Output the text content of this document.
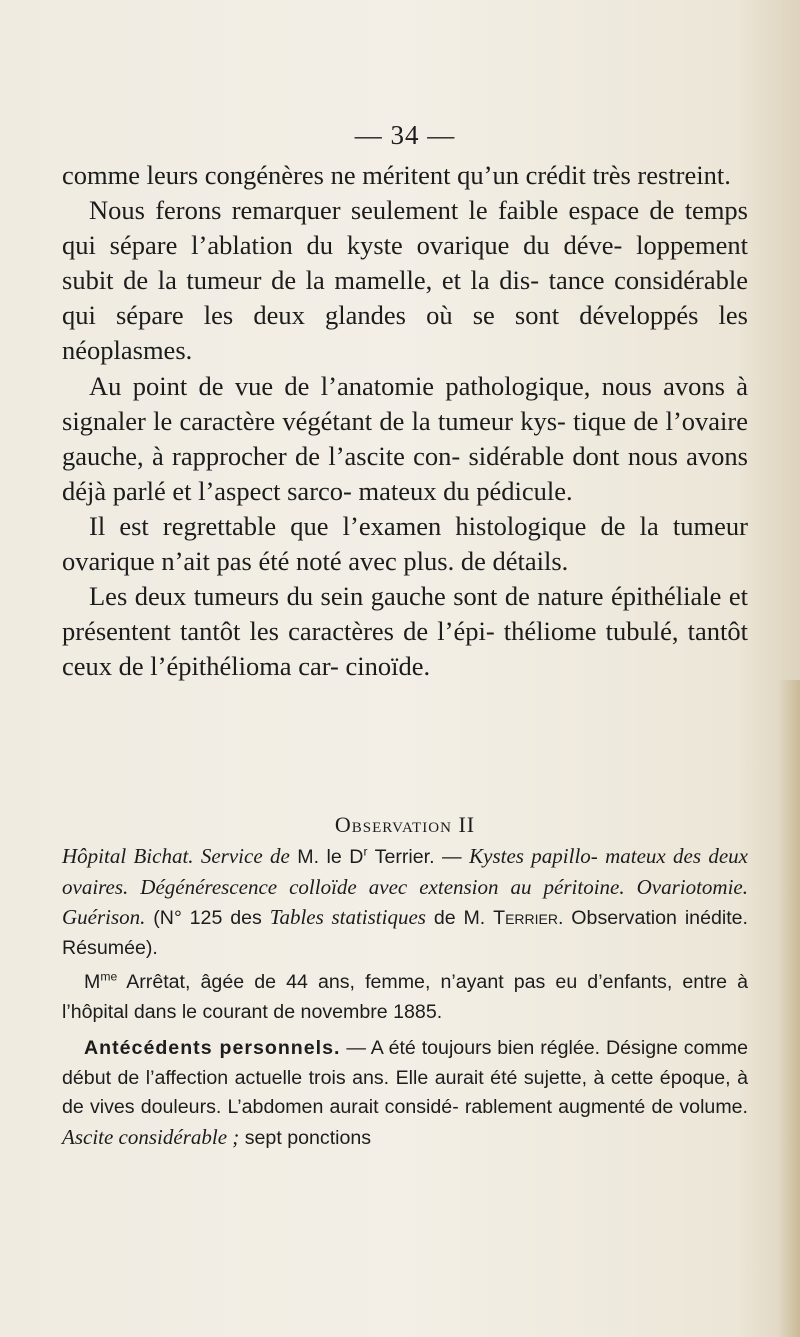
— 34 —

comme leurs congénères ne méritent qu’un crédit très restreint.

Nous ferons remarquer seulement le faible espace de temps qui sépare l’ablation du kyste ovarique du déve- loppement subit de la tumeur de la mamelle, et la dis- tance considérable qui sépare les deux glandes où se sont développés les néoplasmes.

Au point de vue de l’anatomie pathologique, nous avons à signaler le caractère végétant de la tumeur kys- tique de l’ovaire gauche, à rapprocher de l’ascite con- sidérable dont nous avons déjà parlé et l’aspect sarco- mateux du pédicule.

Il est regrettable que l’examen histologique de la tumeur ovarique n’ait pas été noté avec plus. de détails.

Les deux tumeurs du sein gauche sont de nature épithéliale et présentent tantôt les caractères de l’épi- théliome tubulé, tantôt ceux de l’épithélioma car- cinoïde.

Observation II

Hôpital Bichat. Service de M. le $D^r$ Terrier. — Kystes papillo- mateux des deux ovaires. Dégénérescence colloïde avec extension au péritoine. Ovariotomie. Guérison. (N° 125 des Tables statistiques de M. Terrier. Observation inédite. Résumée).

$M^{me}$ Arrêtat, âgée de 44 ans, femme, n’ayant pas eu d’enfants, entre à l’hôpital dans le courant de novembre 1885.

Antécédents personnels. — A été toujours bien réglée. Désigne comme début de l’affection actuelle trois ans. Elle aurait été sujette, à cette époque, à de vives douleurs. L’abdomen aurait considé- rablement augmenté de volume. Ascite considérable ; sept ponctions
